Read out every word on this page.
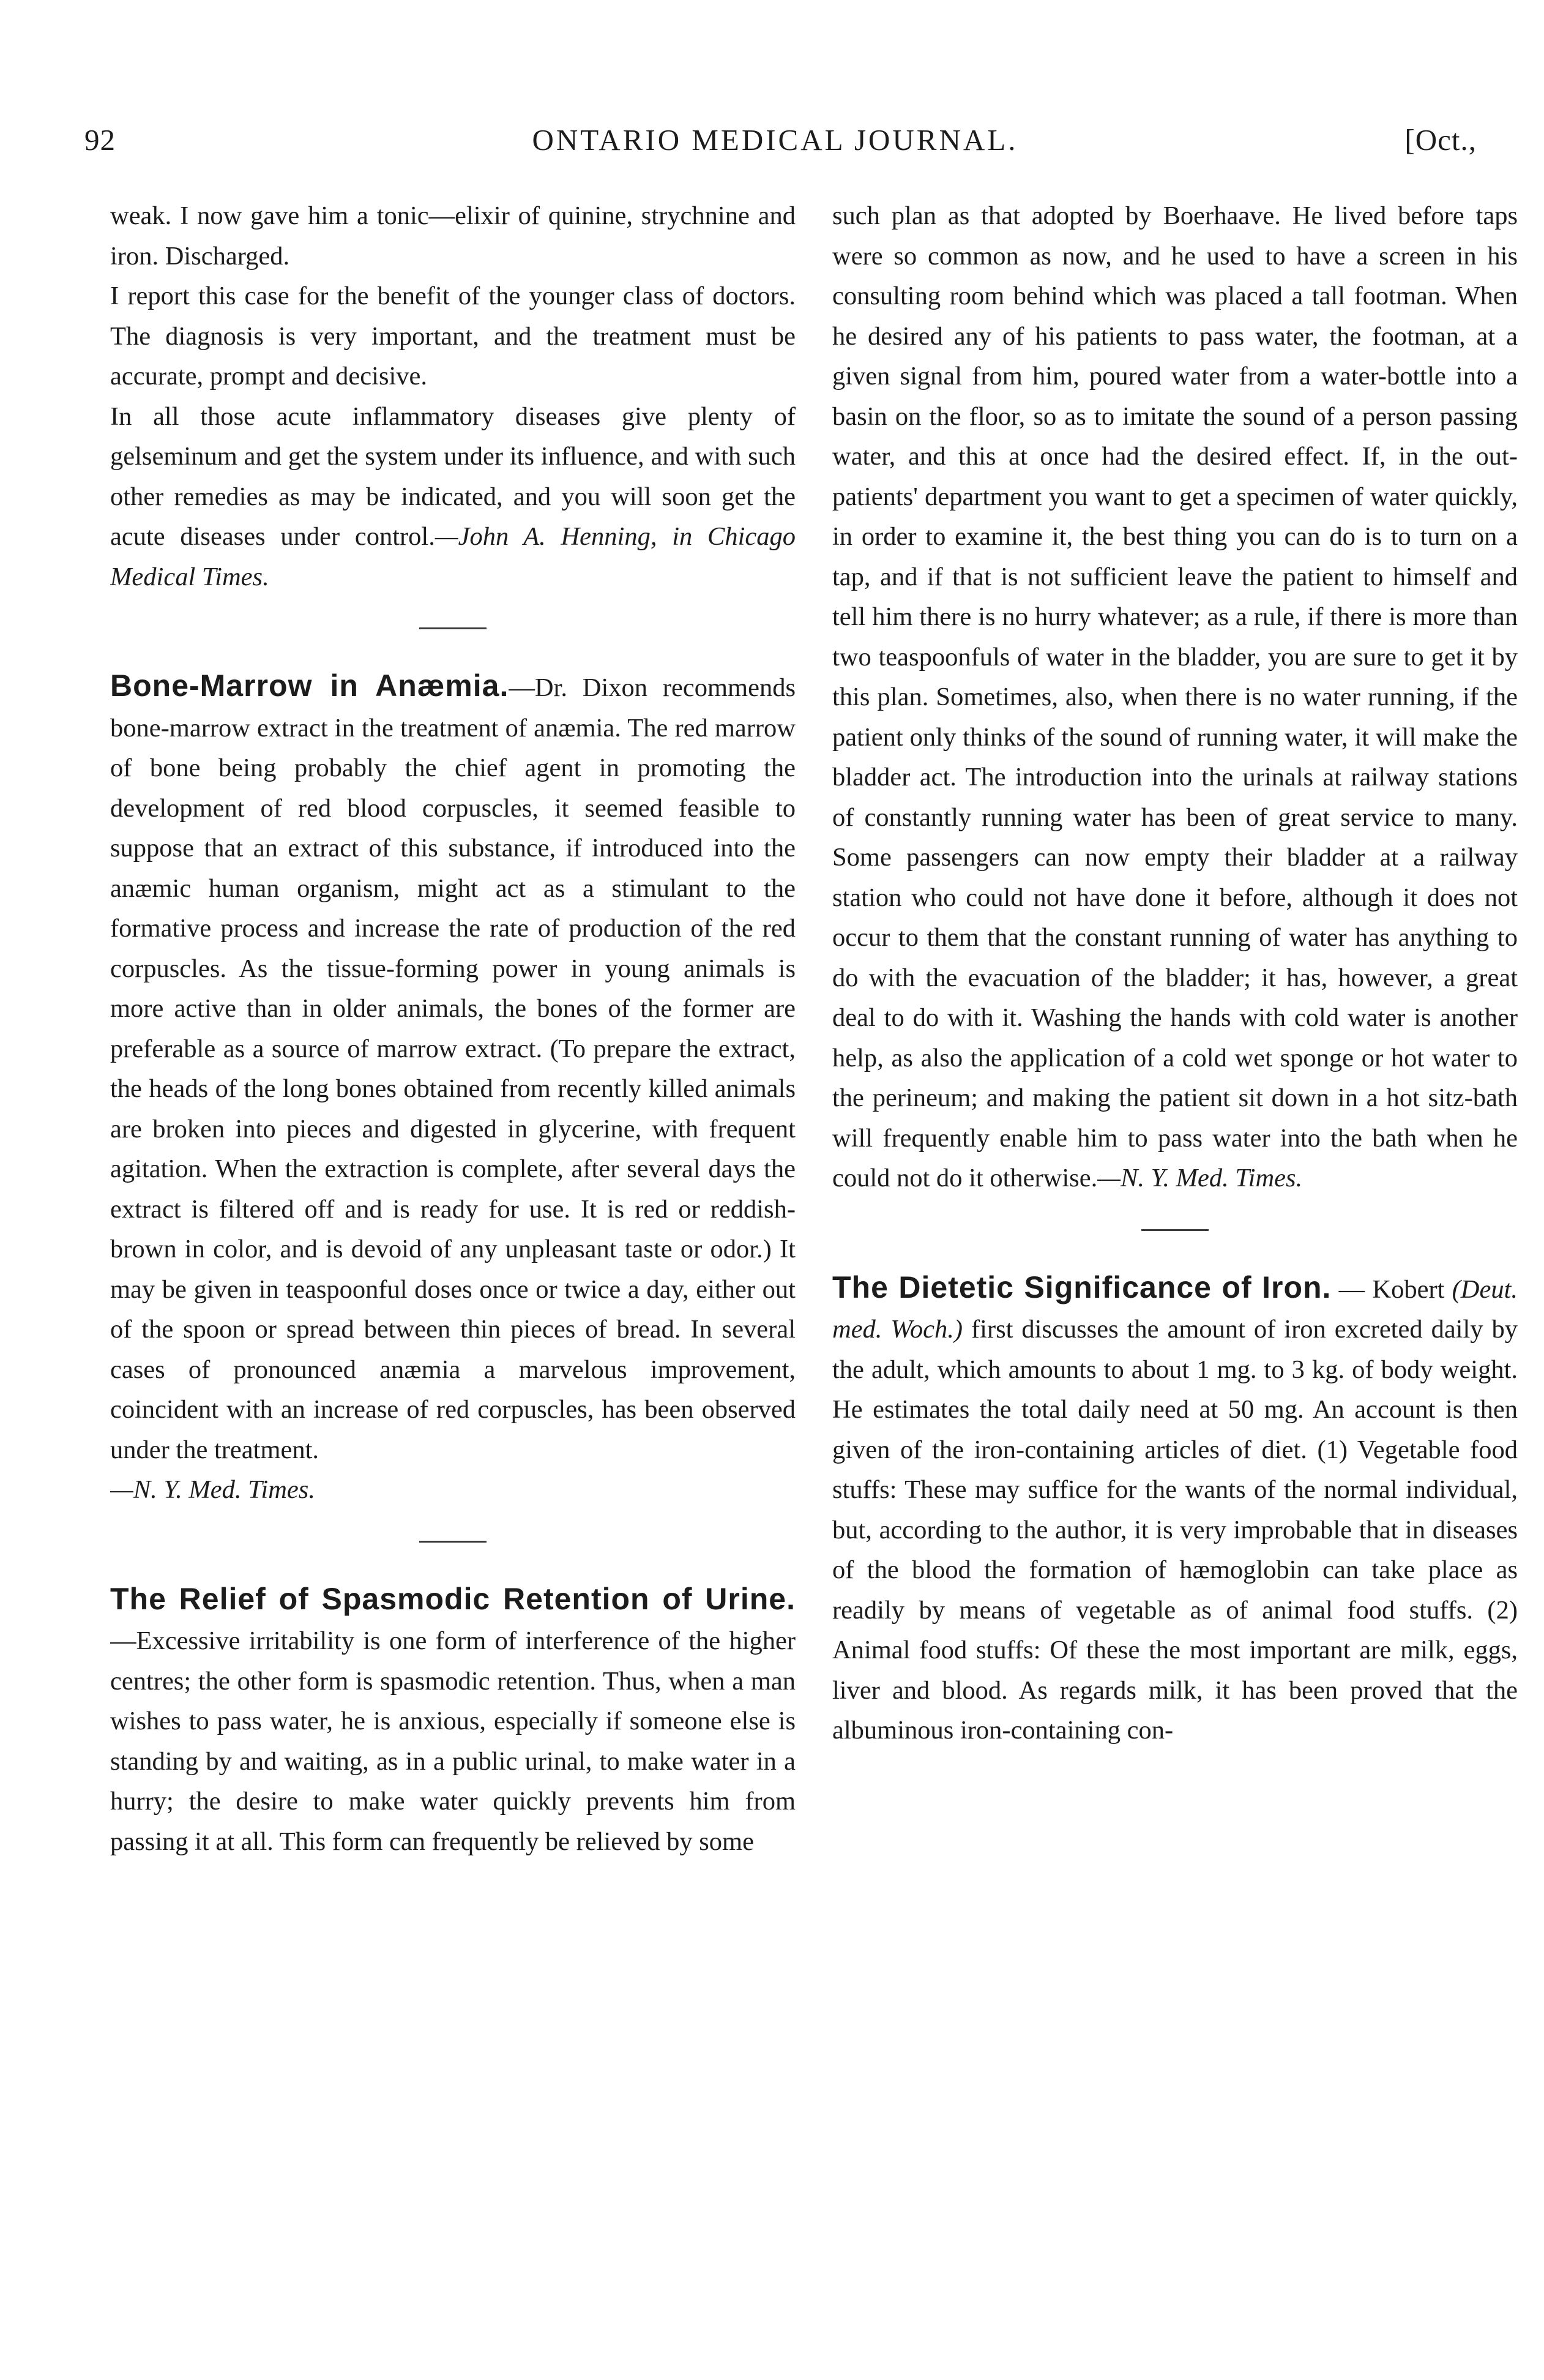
92	ONTARIO MEDICAL JOURNAL.	[Oct.,

weak. I now gave him a tonic—elixir of quinine, strychnine and iron. Discharged.

I report this case for the benefit of the younger class of doctors. The diagnosis is very important, and the treatment must be accurate, prompt and decisive.

In all those acute inflammatory diseases give plenty of gelseminum and get the system under its influence, and with such other remedies as may be indicated, and you will soon get the acute diseases under control.—John A. Henning, in Chicago Medical Times.

Bone-Marrow in Anæmia.—Dr. Dixon recommends bone-marrow extract in the treatment of anæmia. The red marrow of bone being probably the chief agent in promoting the development of red blood corpuscles, it seemed feasible to suppose that an extract of this substance, if introduced into the anæmic human organism, might act as a stimulant to the formative process and increase the rate of production of the red corpuscles. As the tissue-forming power in young animals is more active than in older animals, the bones of the former are preferable as a source of marrow extract. (To prepare the extract, the heads of the long bones obtained from recently killed animals are broken into pieces and digested in glycerine, with frequent agitation. When the extraction is complete, after several days the extract is filtered off and is ready for use. It is red or reddish-brown in color, and is devoid of any unpleasant taste or odor.) It may be given in teaspoonful doses once or twice a day, either out of the spoon or spread between thin pieces of bread. In several cases of pronounced anæmia a marvelous improvement, coincident with an increase of red corpuscles, has been observed under the treatment.

—N. Y. Med. Times.

The Relief of Spasmodic Retention of Urine.—Excessive irritability is one form of interference of the higher centres; the other form is spasmodic retention. Thus, when a man wishes to pass water, he is anxious, especially if someone else is standing by and waiting, as in a public urinal, to make water in a hurry; the desire to make water quickly prevents him from passing it at all. This form can frequently be relieved by some

such plan as that adopted by Boerhaave. He lived before taps were so common as now, and he used to have a screen in his consulting room behind which was placed a tall footman. When he desired any of his patients to pass water, the footman, at a given signal from him, poured water from a water-bottle into a basin on the floor, so as to imitate the sound of a person passing water, and this at once had the desired effect. If, in the out-patients' department you want to get a specimen of water quickly, in order to examine it, the best thing you can do is to turn on a tap, and if that is not sufficient leave the patient to himself and tell him there is no hurry whatever; as a rule, if there is more than two teaspoonfuls of water in the bladder, you are sure to get it by this plan. Sometimes, also, when there is no water running, if the patient only thinks of the sound of running water, it will make the bladder act. The introduction into the urinals at railway stations of constantly running water has been of great service to many. Some passengers can now empty their bladder at a railway station who could not have done it before, although it does not occur to them that the constant running of water has anything to do with the evacuation of the bladder; it has, however, a great deal to do with it. Washing the hands with cold water is another help, as also the application of a cold wet sponge or hot water to the perineum; and making the patient sit down in a hot sitz-bath will frequently enable him to pass water into the bath when he could not do it otherwise.—N. Y. Med. Times.

The Dietetic Significance of Iron. — Kobert (Deut. med. Woch.) first discusses the amount of iron excreted daily by the adult, which amounts to about 1 mg. to 3 kg. of body weight. He estimates the total daily need at 50 mg. An account is then given of the iron-containing articles of diet. (1) Vegetable food stuffs: These may suffice for the wants of the normal individual, but, according to the author, it is very improbable that in diseases of the blood the formation of hæmoglobin can take place as readily by means of vegetable as of animal food stuffs. (2) Animal food stuffs: Of these the most important are milk, eggs, liver and blood. As regards milk, it has been proved that the albuminous iron-containing con-
